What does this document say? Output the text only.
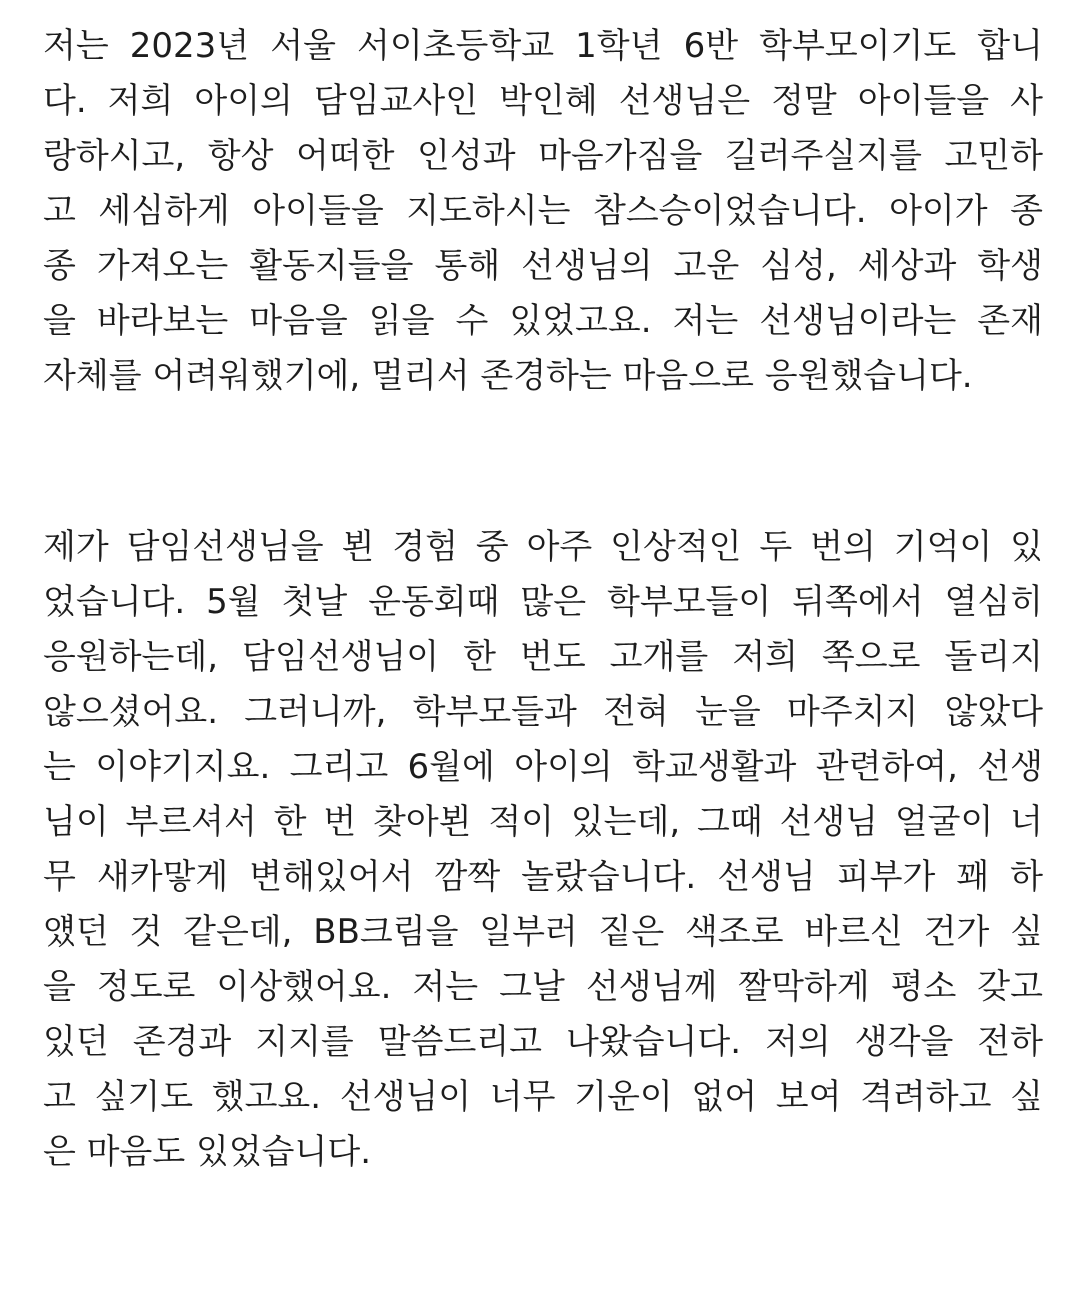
저는 2023년 서울 서이초등학교 1학년 6반 학부모이기도 합니
다. 저희 아이의 담임교사인 박인혜 선생님은 정말 아이들을 사
랑하시고, 항상 어떠한 인성과 마음가짐을 길러주실지를 고민하
고 세심하게 아이들을 지도하시는 참스승이었습니다. 아이가 종
종 가져오는 활동지들을 통해 선생님의 고운 심성, 세상과 학생
을 바라보는 마음을 읽을 수 있었고요. 저는 선생님이라는 존재
자체를 어려워했기에, 멀리서 존경하는 마음으로 응원했습니다.
제가 담임선생님을 뵌 경험 중 아주 인상적인 두 번의 기억이 있
었습니다. 5월 첫날 운동회때 많은 학부모들이 뒤쪽에서 열심히
응원하는데, 담임선생님이 한 번도 고개를 저희 쪽으로 돌리지
않으셨어요. 그러니까, 학부모들과 전혀 눈을 마주치지 않았다
는 이야기지요. 그리고 6월에 아이의 학교생활과 관련하여, 선생
님이 부르셔서 한 번 찾아뵌 적이 있는데, 그때 선생님 얼굴이 너
무 새카맣게 변해있어서 깜짝 놀랐습니다. 선생님 피부가 꽤 하
얬던 것 같은데, BB크림을 일부러 짙은 색조로 바르신 건가 싶
을 정도로 이상했어요. 저는 그날 선생님께 짤막하게 평소 갖고
있던 존경과 지지를 말씀드리고 나왔습니다. 저의 생각을 전하
고 싶기도 했고요. 선생님이 너무 기운이 없어 보여 격려하고 싶
은 마음도 있었습니다.
